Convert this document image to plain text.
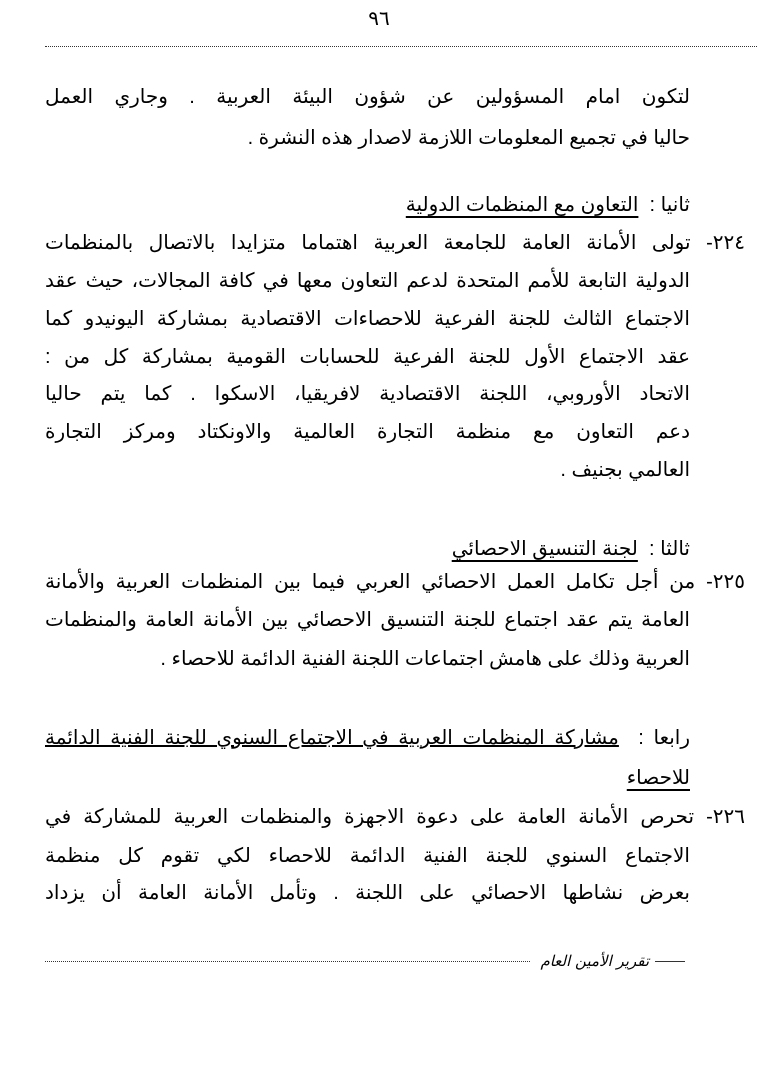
٩٦
لتكون امام المسؤولين عن شؤون البيئة العربية . وجاري العمل
حاليا في تجميع المعلومات اللازمة لاصدار هذه النشرة .
ثانيا :  التعاون مع المنظمات الدولية
٢٢٤- تولى الأمانة العامة للجامعة العربية اهتماما متزايدا بالاتصال بالمنظمات
الدولية التابعة للأمم المتحدة لدعم التعاون معها في كافة المجالات، حيث عقد
الاجتماع الثالث للجنة الفرعية للاحصاءات الاقتصادية بمشاركة اليونيدو كما
عقد الاجتماع الأول للجنة الفرعية للحسابات القومية بمشاركة كل من :
الاتحاد الأوروبي، اللجنة الاقتصادية لافريقيا، الاسكوا . كما يتم حاليا
دعم التعاون مع منظمة التجارة العالمية والاونكتاد ومركز التجارة
العالمي بجنيف .
ثالثا :  لجنة التنسيق الاحصائي
٢٢٥- من أجل تكامل العمل الاحصائي العربي فيما بين المنظمات العربية والأمانة
العامة يتم عقد اجتماع للجنة التنسيق الاحصائي بين الأمانة العامة والمنظمات
العربية وذلك على هامش اجتماعات اللجنة الفنية الدائمة للاحصاء .
رابعا :  مشاركة المنظمات العربية في الاجتماع السنوي للجنة الفنية الدائمة
للاحصاء
٢٢٦- تحرص الأمانة العامة على دعوة الاجهزة والمنظمات العربية للمشاركة في
الاجتماع السنوي للجنة الفنية الدائمة للاحصاء لكي تقوم كل منظمة
بعرض نشاطها الاحصائي على اللجنة . وتأمل الأمانة العامة أن يزداد
تقرير الأمين العام
